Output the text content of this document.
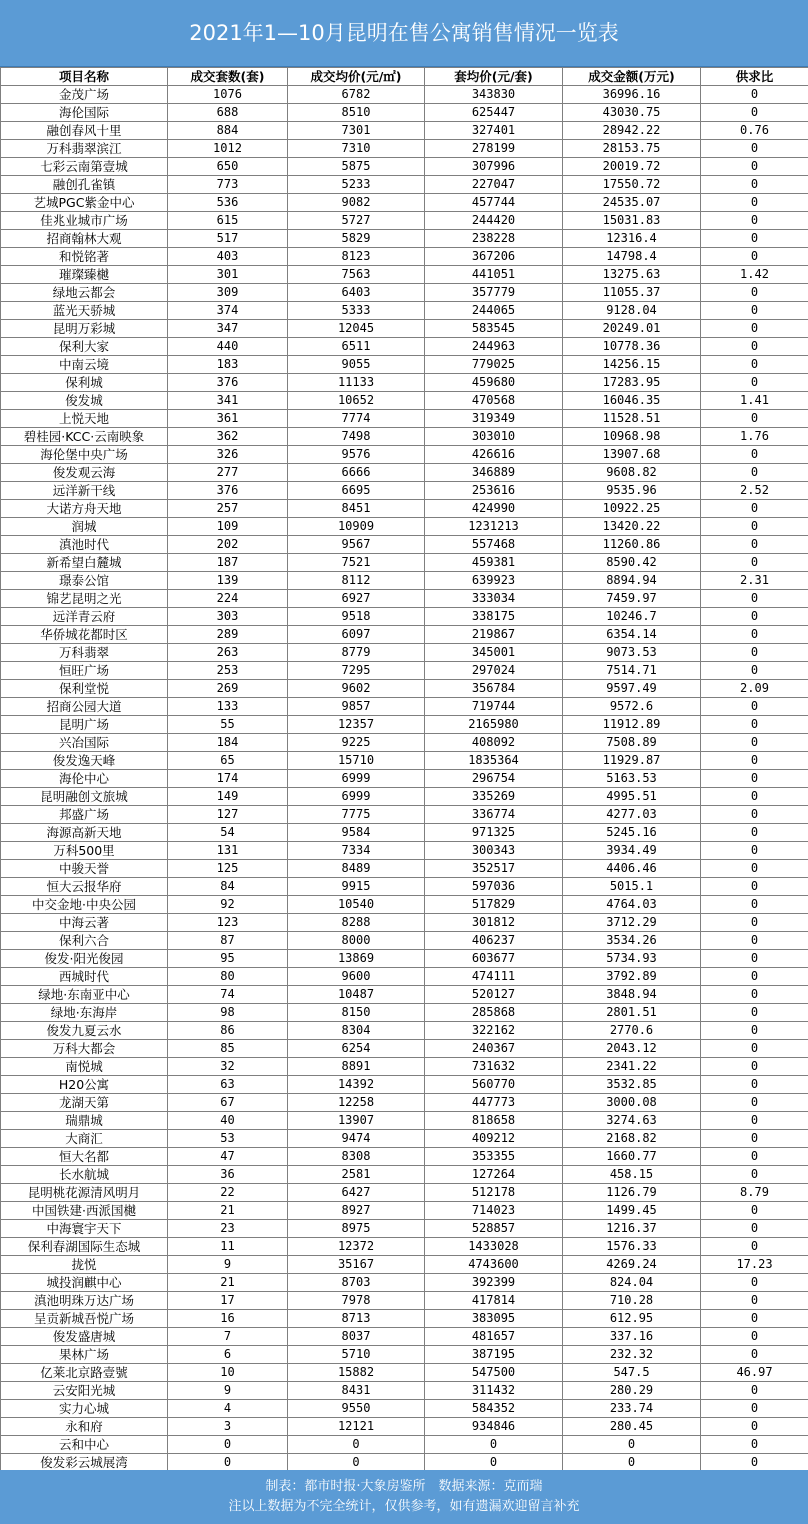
2021年1—10月昆明在售公寓销售情况一览表
项目名称	成交套数(套)	成交均价(元/㎡)	套均价(元/套)	成交金额(万元)	供求比
金茂广场	1076	6782	343830	36996.16	0
海伦国际	688	8510	625447	43030.75	0
融创春风十里	884	7301	327401	28942.22	0.76
万科翡翠滨江	1012	7310	278199	28153.75	0
七彩云南第壹城	650	5875	307996	20019.72	0
融创孔雀镇	773	5233	227047	17550.72	0
艺城PGC紫金中心	536	9082	457744	24535.07	0
佳兆业城市广场	615	5727	244420	15031.83	0
招商翰林大观	517	5829	238228	12316.4	0
和悦铭著	403	8123	367206	14798.4	0
璀璨臻樾	301	7563	441051	13275.63	1.42
绿地云都会	309	6403	357779	11055.37	0
蓝光天骄城	374	5333	244065	9128.04	0
昆明万彩城	347	12045	583545	20249.01	0
保利大家	440	6511	244963	10778.36	0
中南云境	183	9055	779025	14256.15	0
保利城	376	11133	459680	17283.95	0
俊发城	341	10652	470568	16046.35	1.41
上悦天地	361	7774	319349	11528.51	0
碧桂园·KCC·云南映象	362	7498	303010	10968.98	1.76
海伦堡中央广场	326	9576	426616	13907.68	0
俊发观云海	277	6666	346889	9608.82	0
远洋新干线	376	6695	253616	9535.96	2.52
大诺方舟天地	257	8451	424990	10922.25	0
润城	109	10909	1231213	13420.22	0
滇池时代	202	9567	557468	11260.86	0
新希望白麓城	187	7521	459381	8590.42	0
璟泰公馆	139	8112	639923	8894.94	2.31
锦艺昆明之光	224	6927	333034	7459.97	0
远洋青云府	303	9518	338175	10246.7	0
华侨城花都时区	289	6097	219867	6354.14	0
万科翡翠	263	8779	345001	9073.53	0
恒旺广场	253	7295	297024	7514.71	0
保利堂悦	269	9602	356784	9597.49	2.09
招商公园大道	133	9857	719744	9572.6	0
昆明广场	55	12357	2165980	11912.89	0
兴冶国际	184	9225	408092	7508.89	0
俊发逸天峰	65	15710	1835364	11929.87	0
海伦中心	174	6999	296754	5163.53	0
昆明融创文旅城	149	6999	335269	4995.51	0
邦盛广场	127	7775	336774	4277.03	0
海源高新天地	54	9584	971325	5245.16	0
万科500里	131	7334	300343	3934.49	0
中骏天誉	125	8489	352517	4406.46	0
恒大云报华府	84	9915	597036	5015.1	0
中交金地·中央公园	92	10540	517829	4764.03	0
中海云著	123	8288	301812	3712.29	0
保利六合	87	8000	406237	3534.26	0
俊发·阳光俊园	95	13869	603677	5734.93	0
西城时代	80	9600	474111	3792.89	0
绿地·东南亚中心	74	10487	520127	3848.94	0
绿地·东海岸	98	8150	285868	2801.51	0
俊发九夏云水	86	8304	322162	2770.6	0
万科大都会	85	6254	240367	2043.12	0
南悦城	32	8891	731632	2341.22	0
H20公寓	63	14392	560770	3532.85	0
龙湖天第	67	12258	447773	3000.08	0
瑞鼎城	40	13907	818658	3274.63	0
大商汇	53	9474	409212	2168.82	0
恒大名都	47	8308	353355	1660.77	0
长水航城	36	2581	127264	458.15	0
昆明桃花源清风明月	22	6427	512178	1126.79	8.79
中国铁建·西派国樾	21	8927	714023	1499.45	0
中海寰宇天下	23	8975	528857	1216.37	0
保利春湖国际生态城	11	12372	1433028	1576.33	0
拢悦	9	35167	4743600	4269.24	17.23
城投润麒中心	21	8703	392399	824.04	0
滇池明珠万达广场	17	7978	417814	710.28	0
呈贡新城吾悦广场	16	8713	383095	612.95	0
俊发盛唐城	7	8037	481657	337.16	0
果林广场	6	5710	387195	232.32	0
亿莱北京路壹號	10	15882	547500	547.5	46.97
云安阳光城	9	8431	311432	280.29	0
实力心城	4	9550	584352	233.74	0
永和府	3	12121	934846	280.45	0
云和中心	0	0	0	0	0
俊发彩云城展湾	0	0	0	0	0
制表：都市时报·大象房鉴所　数据来源：克而瑞
注以上数据为不完全统计，仅供参考，如有遗漏欢迎留言补充
